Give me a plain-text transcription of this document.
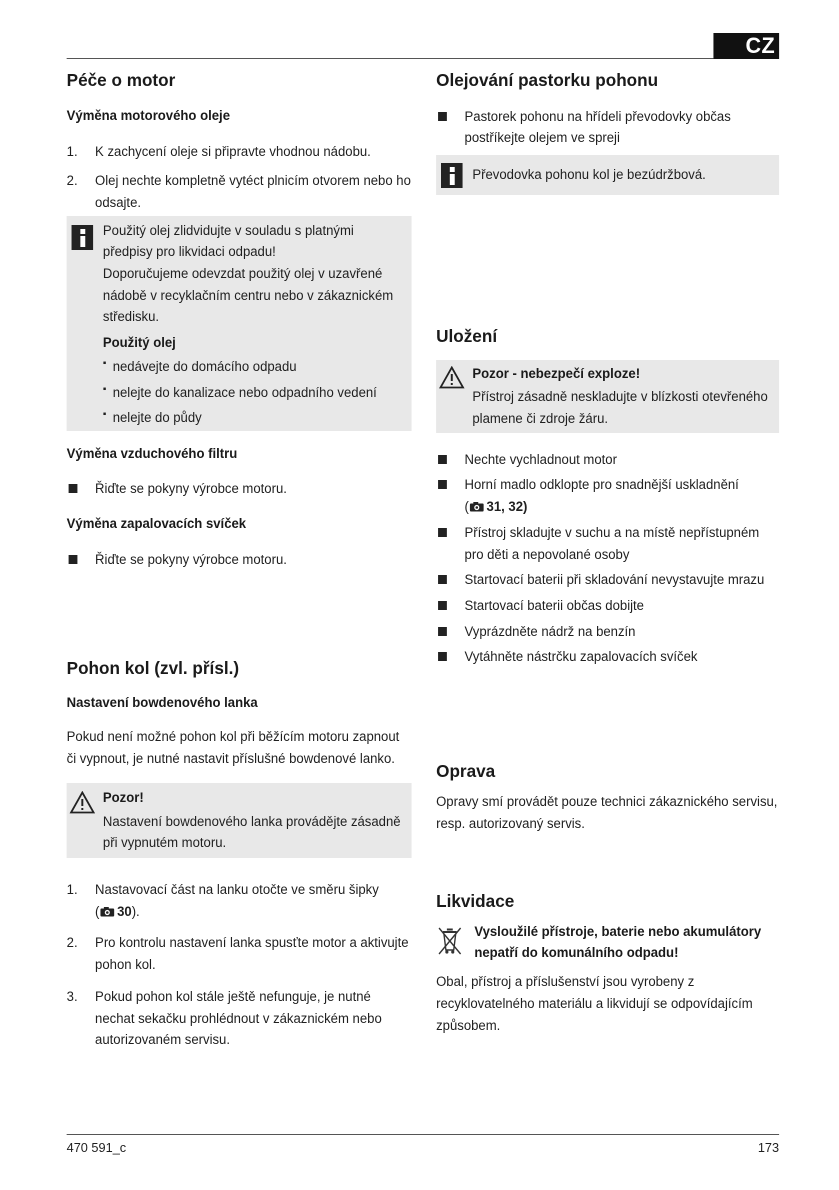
CZ
Péče o motor
Výměna motorového oleje
1. K zachycení oleje si připravte vhodnou nádobu.
2. Olej nechte kompletně vytéct plnicím otvorem nebo ho odsajte.

Použitý olej zlidvidujte v souladu s platnými předpisy pro likvidaci odpadu!

Doporučujeme odevzdat použitý olej v uzavřené nádobě v recyklačním centru nebo v zákaznickém středisku.

Použitý olej
▪ nedávejte do domácího odpadu
▪ nelejte do kanalizace nebo odpadního vedení
▪ nelejte do půdy
Výměna vzduchového filtru
Řiďte se pokyny výrobce motoru.
Výměna zapalovacích svíček
Řiďte se pokyny výrobce motoru.
Pohon kol (zvl. přísl.)
Nastavení bowdenového lanka

Pokud není možné pohon kol při běžícím motoru zapnout či vypnout, je nutné nastavit příslušné bowdenové lanko.

Pozor!

Nastavení bowdenového lanka provádějte zásadně při vypnutém motoru.

1. Nastavovací část na lanku otočte ve směru šipky
( 30).
2. Pro kontrolu nastavení lanka spusťte motor a aktivujte pohon kol.
3. Pokud pohon kol stále ještě nefunguje, je nutné nechat sekačku prohlédnout v zákaznickém nebo autorizovaném servisu.
Olejování pastorku pohonu
Pastorek pohonu na hřídeli převodovky občas postříkejte olejem ve spreji

Převodovka pohonu kol je bezúdržbová.

Uložení
Pozor - nebezpečí exploze!

Přístroj zásadně neskladujte v blízkosti otevřeného plamene či zdroje žáru.

Nechte vychladnout motor
Horní madlo odklopte pro snadnější uskladnění
( 31, 32)
Přístroj skladujte v suchu a na místě nepřístupném pro děti a nepovolané osoby
Startovací baterii při skladování nevystavujte mrazu
Startovací baterii občas dobijte
Vyprázdněte nádrž na benzín
Vytáhněte nástrčku zapalovacích svíček
Oprava

Opravy smí provádět pouze technici zákaznického servisu, resp. autorizovaný servis.

Likvidace
Vysloužilé přístroje, baterie nebo akumulátory nepatří do komunálního odpadu!

Obal, přístroj a příslušenství jsou vyrobeny z recyklovatelného materiálu a likvidují se odpovídajícím způsobem.

470 591_c	173
